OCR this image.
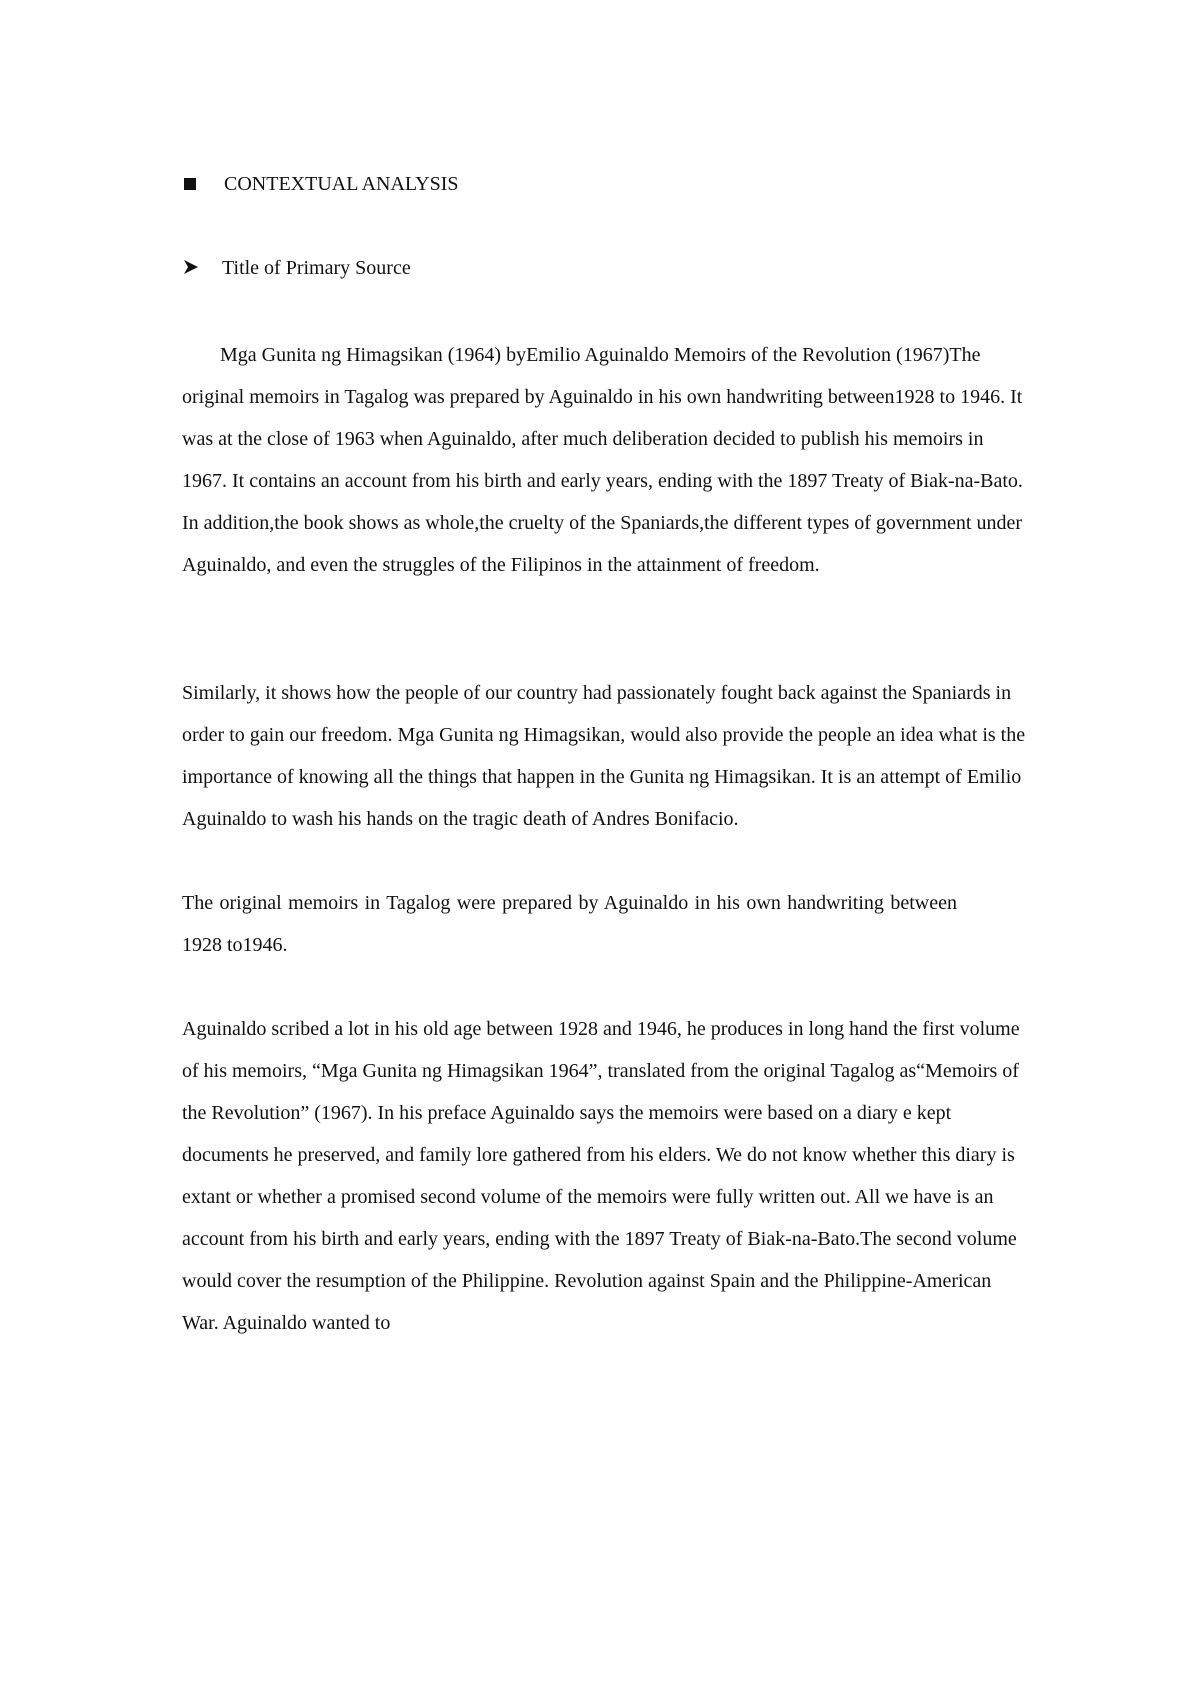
CONTEXTUAL ANALYSIS
Title of Primary Source

Mga Gunita ng Himagsikan (1964) byEmilio Aguinaldo Memoirs of the Revolution (1967)The original memoirs in Tagalog was prepared by Aguinaldo in his own handwriting between1928 to 1946. It was at the close of 1963 when Aguinaldo, after much deliberation decided to publish his memoirs in 1967. It contains an account from his birth and early years, ending with the 1897 Treaty of Biak-na-Bato. In addition,the book shows as whole,the cruelty of the Spaniards,the different types of government under Aguinaldo, and even the struggles of the Filipinos in the attainment of freedom.

Similarly, it shows how the people of our country had passionately fought back against the Spaniards in order to gain our freedom. Mga Gunita ng Himagsikan, would also provide the people an idea what is the importance of knowing all the things that happen in the Gunita ng Himagsikan. It is an attempt of Emilio Aguinaldo to wash his hands on the tragic death of Andres Bonifacio.

The original memoirs in Tagalog were prepared by Aguinaldo in his own handwriting between 1928 to1946.

Aguinaldo scribed a lot in his old age between 1928 and 1946, he produces in long hand the first volume of his memoirs, “Mga Gunita ng Himagsikan 1964”, translated from the original Tagalog as“Memoirs of the Revolution” (1967). In his preface Aguinaldo says the memoirs were based on a diary e kept documents he preserved, and family lore gathered from his elders. We do not know whether this diary is extant or whether a promised second volume of the memoirs were fully written out. All we have is an account from his birth and early years, ending with the 1897 Treaty of Biak-na-Bato.The second volume would cover the resumption of the Philippine. Revolution against Spain and the Philippine-American War. Aguinaldo wanted to
